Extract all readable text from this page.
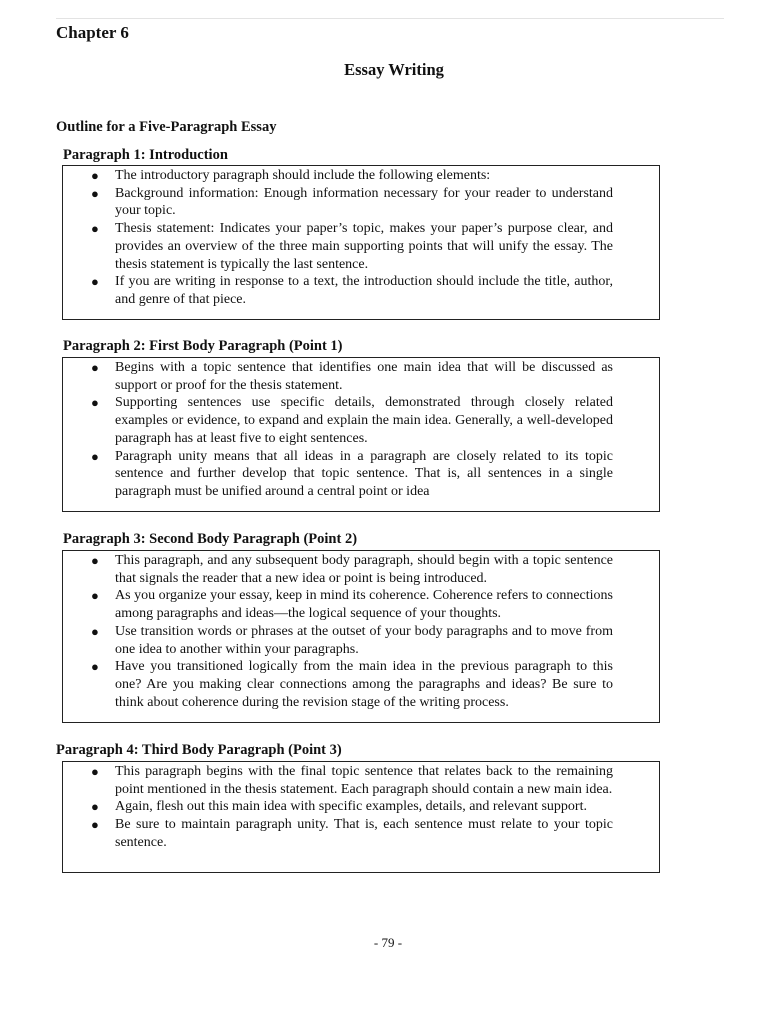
Chapter 6
Essay Writing
Outline for a Five-Paragraph Essay
Paragraph 1: Introduction
● The introductory paragraph should include the following elements:
● Background information: Enough information necessary for your reader to understand your topic.
● Thesis statement: Indicates your paper’s topic, makes your paper’s purpose clear, and provides an overview of the three main supporting points that will unify the essay. The thesis statement is typically the last sentence.
● If you are writing in response to a text, the introduction should include the title, author, and genre of that piece.
Paragraph 2: First Body Paragraph (Point 1)
● Begins with a topic sentence that identifies one main idea that will be discussed as support or proof for the thesis statement.
● Supporting sentences use specific details, demonstrated through closely related examples or evidence, to expand and explain the main idea. Generally, a well-developed paragraph has at least five to eight sentences.
● Paragraph unity means that all ideas in a paragraph are closely related to its topic sentence and further develop that topic sentence. That is, all sentences in a single paragraph must be unified around a central point or idea
Paragraph 3: Second Body Paragraph (Point 2)
● This paragraph, and any subsequent body paragraph, should begin with a topic sentence that signals the reader that a new idea or point is being introduced.
● As you organize your essay, keep in mind its coherence. Coherence refers to connections among paragraphs and ideas—the logical sequence of your thoughts.
● Use transition words or phrases at the outset of your body paragraphs and to move from one idea to another within your paragraphs.
● Have you transitioned logically from the main idea in the previous paragraph to this one? Are you making clear connections among the paragraphs and ideas? Be sure to think about coherence during the revision stage of the writing process.
Paragraph 4: Third Body Paragraph (Point 3)
● This paragraph begins with the final topic sentence that relates back to the remaining point mentioned in the thesis statement. Each paragraph should contain a new main idea.
● Again, flesh out this main idea with specific examples, details, and relevant support.
● Be sure to maintain paragraph unity. That is, each sentence must relate to your topic sentence.
- 79 -
